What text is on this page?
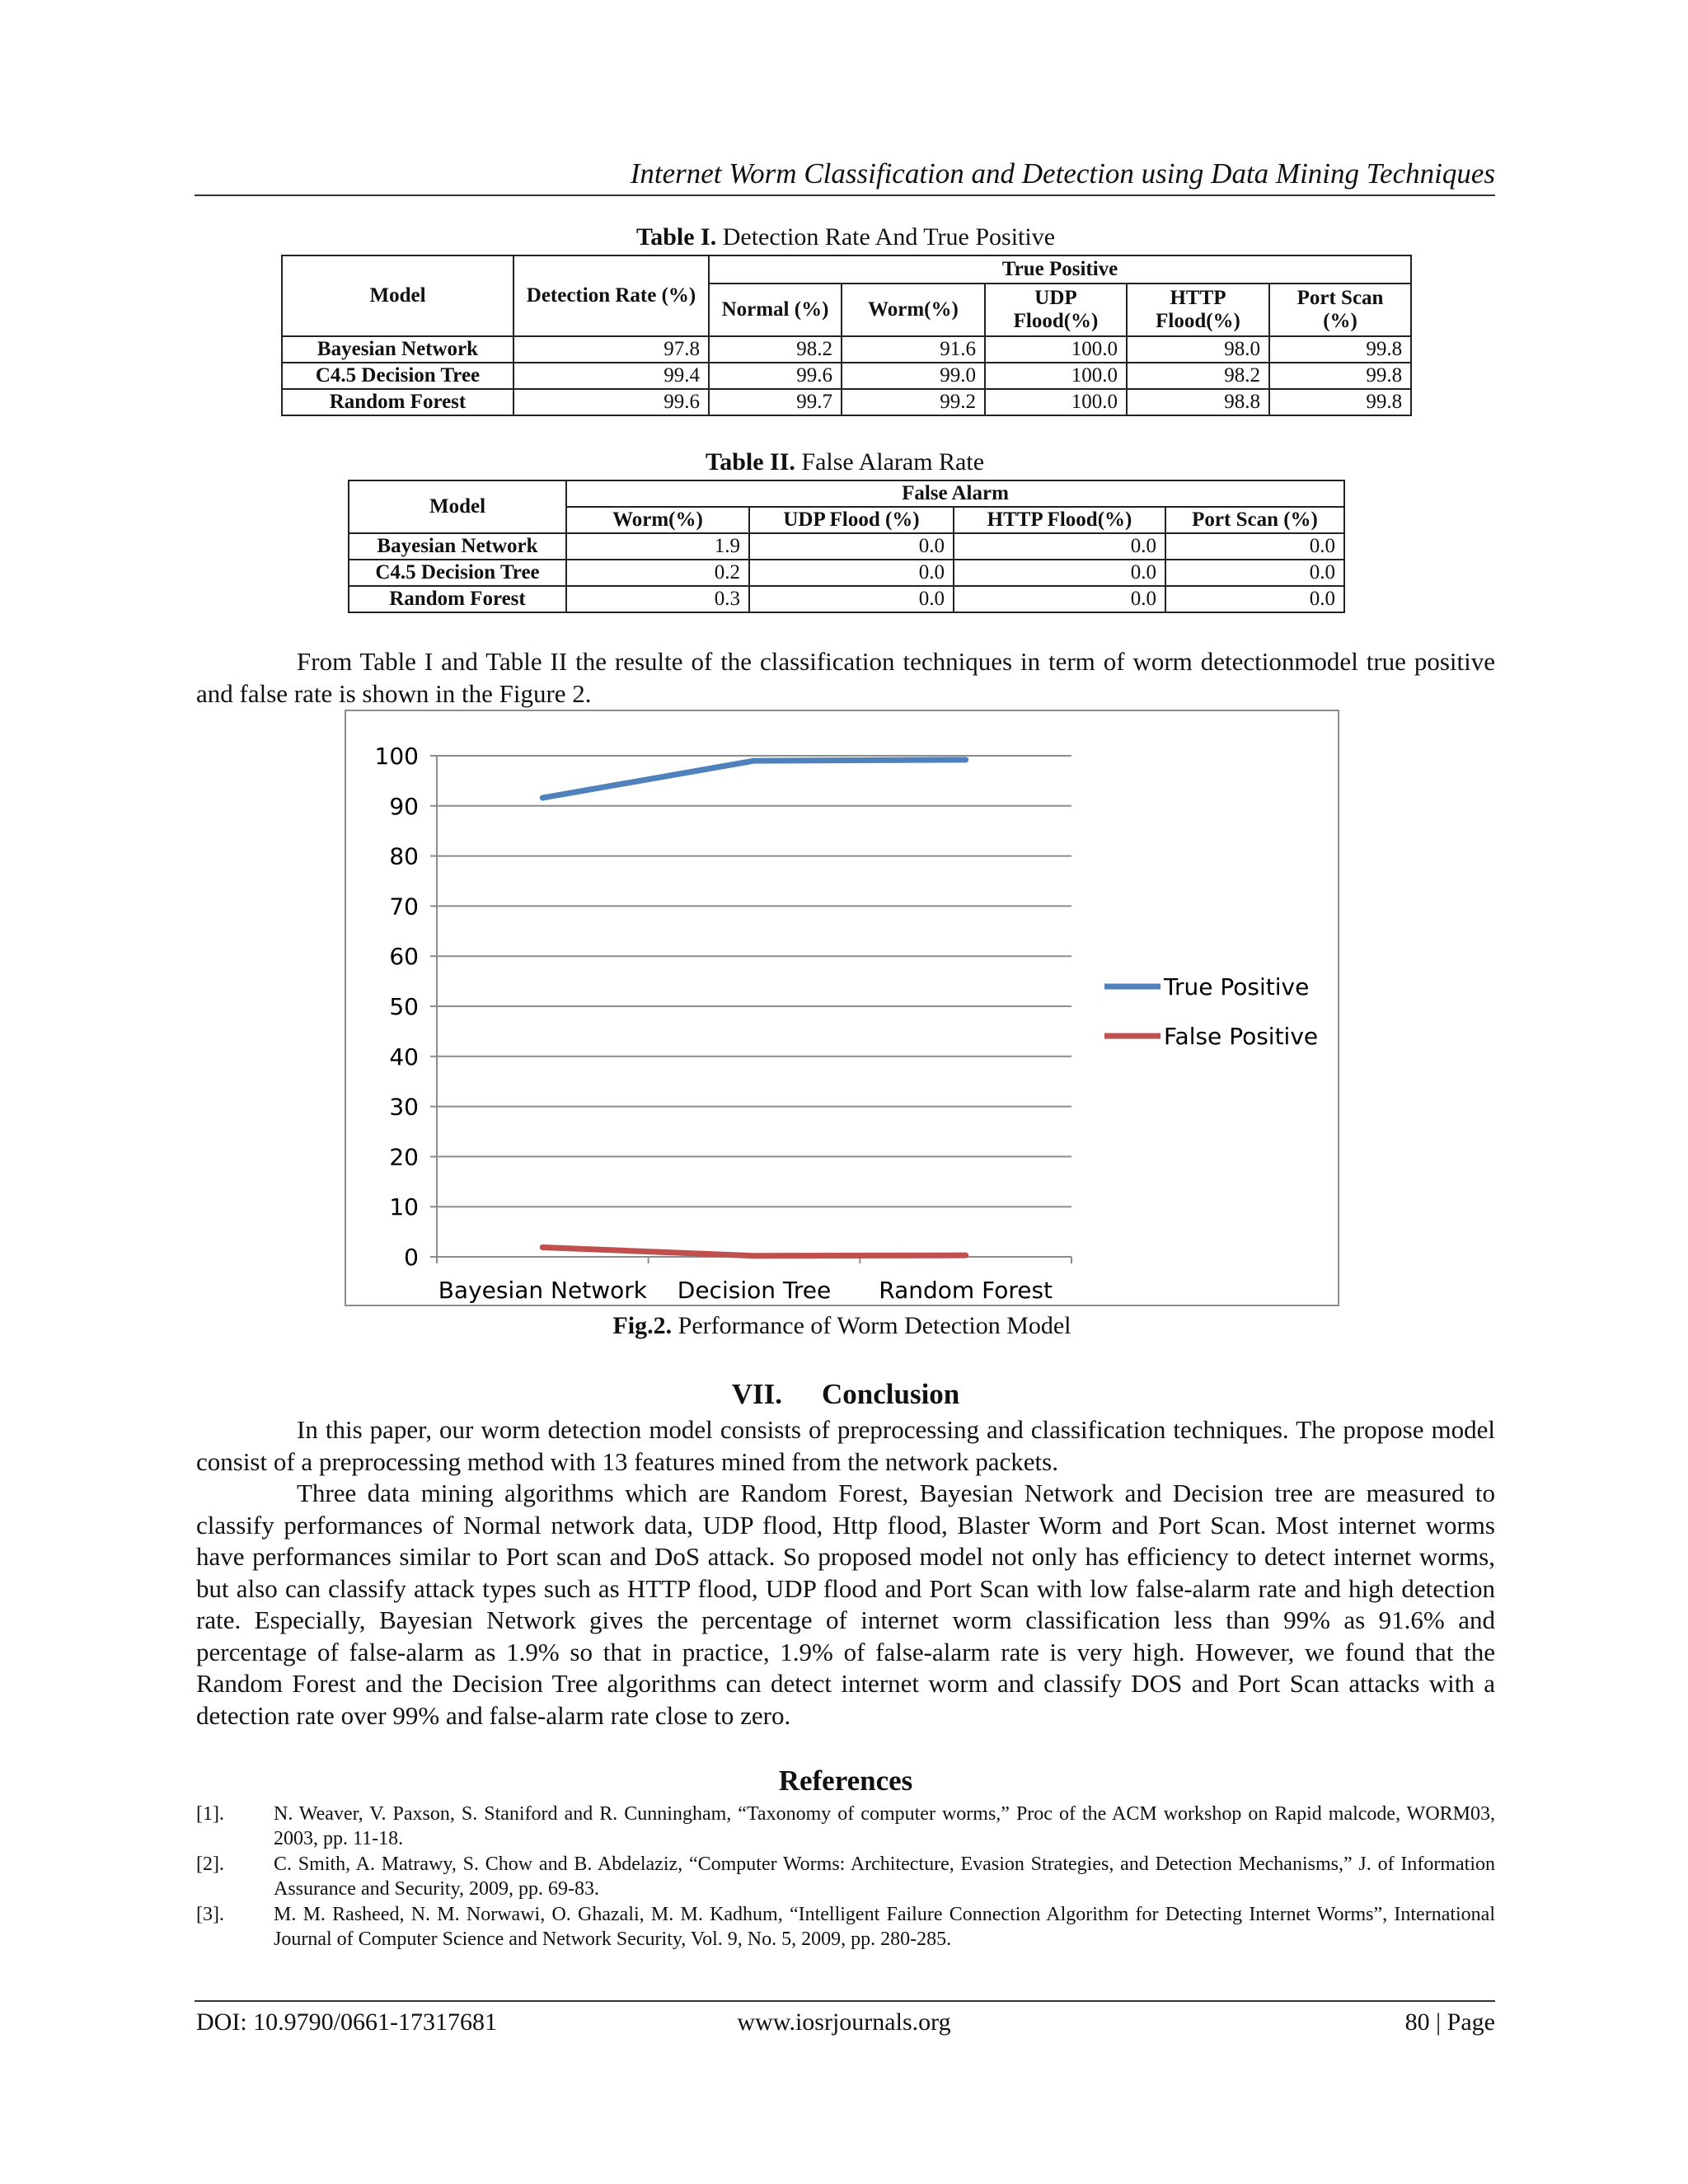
Internet Worm Classification and Detection using Data Mining Techniques
Table I. Detection Rate And True Positive
Model	Detection Rate (%)	True Positive				
		Normal (%)	Worm(%)	UDP Flood(%)	HTTP Flood(%)	Port Scan (%)
Bayesian Network	97.8	98.2	91.6	100.0	98.0	99.8
C4.5 Decision Tree	99.4	99.6	99.0	100.0	98.2	99.8
Random Forest	99.6	99.7	99.2	100.0	98.8	99.8
Table II. False Alaram Rate
Model	False Alarm			
	Worm(%)	UDP Flood (%)	HTTP Flood(%)	Port Scan (%)
Bayesian Network	1.9	0.0	0.0	0.0
C4.5 Decision Tree	0.2	0.0	0.0	0.0
Random Forest	0.3	0.0	0.0	0.0
From Table I and Table II the resulte of the classification techniques in term of worm detectionmodel true positive and false rate is shown in the Figure 2.
0
10
20
30
40
50
60
70
80
90
100
Bayesian Network Decision Tree Random Forest
True Positive
False Positive
Fig.2. Performance of Worm Detection Model
VII. Conclusion
In this paper, our worm detection model consists of preprocessing and classification techniques. The propose model consist of a preprocessing method with 13 features mined from the network packets.
Three data mining algorithms which are Random Forest, Bayesian Network and Decision tree are measured to classify performances of Normal network data, UDP flood, Http flood, Blaster Worm and Port Scan. Most internet worms have performances similar to Port scan and DoS attack. So proposed model not only has efficiency to detect internet worms, but also can classify attack types such as HTTP flood, UDP flood and Port Scan with low false-alarm rate and high detection rate. Especially, Bayesian Network gives the percentage of internet worm classification less than 99% as 91.6% and percentage of false-alarm as 1.9% so that in practice, 1.9% of false-alarm rate is very high. However, we found that the Random Forest and the Decision Tree algorithms can detect internet worm and classify DOS and Port Scan attacks with a detection rate over 99% and false-alarm rate close to zero.
References
[1].	N. Weaver, V. Paxson, S. Staniford and R. Cunningham, “Taxonomy of computer worms,” Proc of the ACM workshop on Rapid malcode, WORM03, 2003, pp. 11-18.
[2].	C. Smith, A. Matrawy, S. Chow and B. Abdelaziz, “Computer Worms: Architecture, Evasion Strategies, and Detection Mechanisms,” J. of Information Assurance and Security, 2009, pp. 69-83.
[3].	M. M. Rasheed, N. M. Norwawi, O. Ghazali, M. M. Kadhum, “Intelligent Failure Connection Algorithm for Detecting Internet Worms”, International Journal of Computer Science and Network Security, Vol. 9, No. 5, 2009, pp. 280-285.
DOI: 10.9790/0661-17317681	www.iosrjournals.org	80 | Page
